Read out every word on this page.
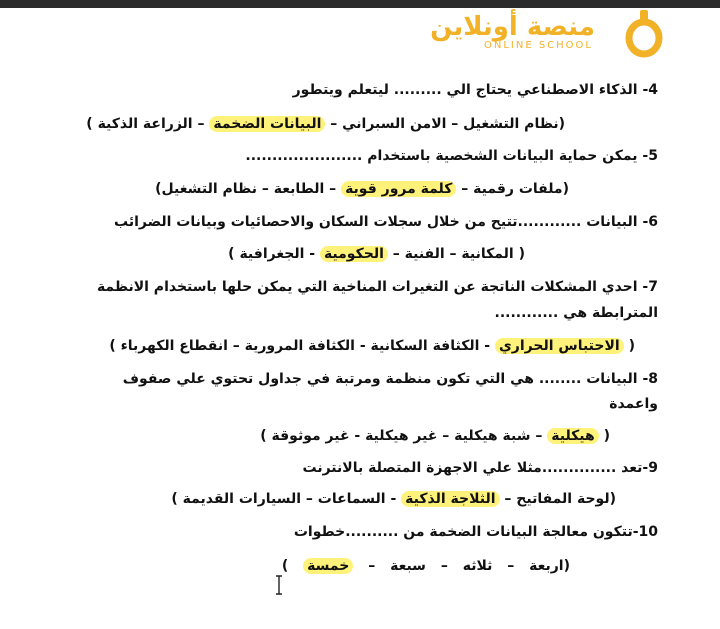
منصة أونلاين
ONLINE SCHOOL
4- الذكاء الاصطناعي يحتاج الي ......... ليتعلم ويتطور
(نظام التشغيل – الامن السبراني – البيانات الضخمة – الزراعة الذكية )
5- يمكن حماية البيانات الشخصية باستخدام ......................
(ملفات رقمية – كلمة مرور قوية – الطابعة – نظام التشغيل)
6- البيانات ............تتيح من خلال سجلات السكان والاحصائيات وبيانات الضرائب
( المكانية – الفنية – الحكومية - الجغرافية )
7- احدي المشكلات الناتجة عن التغيرات المناخية التي يمكن حلها باستخدام الانظمة
المترابطة هي ............
( الاحتباس الحراري - الكثافة السكانية - الكثافة المرورية – انقطاع الكهرباء )
8- البيانات ........ هي التي تكون منظمة ومرتبة في جداول تحتوي علي صفوف
واعمدة
( هيكلية – شبة هيكلية – غير هيكلية - غير موثوقة )
9-تعد ..............مثلا علي الاجهزة المتصلة بالانترنت
(لوحة المفاتيح – الثلاجة الذكية - السماعات – السيارات القديمة )
10-تتكون معالجة البيانات الضخمة من ..........خطوات
(اربعة – ثلاثه – سبعة – خمسة )
